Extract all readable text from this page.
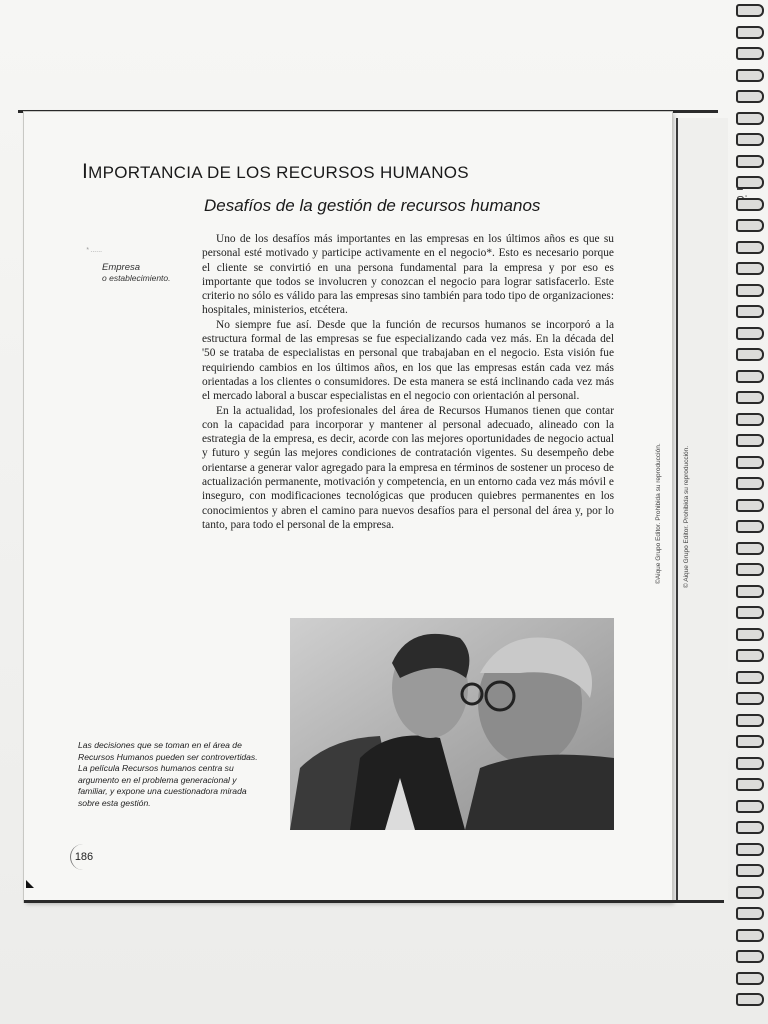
IMPORTANCIA DE LOS RECURSOS HUMANOS
Desafíos de la gestión de recursos humanos
* ......
Empresa
o establecimiento.

Uno de los desafíos más importantes en las empresas en los últimos años es que su personal esté motivado y participe activamente en el negocio*. Esto es necesario porque el cliente se convirtió en una persona fundamental para la empresa y por eso es importante que todos se involucren y conozcan el negocio para lograr satisfacerlo. Este criterio no sólo es válido para las empresas sino también para todo tipo de organizaciones: hospitales, ministerios, etcétera.

No siempre fue así. Desde que la función de recursos humanos se incorporó a la estructura formal de las empresas se fue especializando cada vez más. En la década del '50 se trataba de especialistas en personal que trabajaban en el negocio. Esta visión fue requiriendo cambios en los últimos años, en los que las empresas están cada vez más orientadas a los clientes o consumidores. De esta manera se está inclinando cada vez más el mercado laboral a buscar especialistas en el negocio con orientación al personal.

En la actualidad, los profesionales del área de Recursos Humanos tienen que contar con la capacidad para incorporar y mantener al personal adecuado, alineado con la estrategia de la empresa, es decir, acorde con las mejores oportunidades de negocio actual y futuro y según las mejores condiciones de contratación vigentes. Su desempeño debe orientarse a generar valor agregado para la empresa en términos de sostener un proceso de actualización permanente, motivación y competencia, en un entorno cada vez más móvil e inseguro, con modificaciones tecnológicas que producen quiebres permanentes en los conocimientos y abren el camino para nuevos desafíos para el personal del área y, por lo tanto, para todo el personal de la empresa.

Las decisiones que se toman en el área de Recursos Humanos pueden ser controvertidas. La película Recursos humanos centra su argumento en el problema generacional y familiar, y expone una cuestionadora mirada sobre esta gestión.
186
©Aique Grupo Editor. Prohibida su reproducción.	© Aique Grupo Editor. Prohibida su reproducción.
